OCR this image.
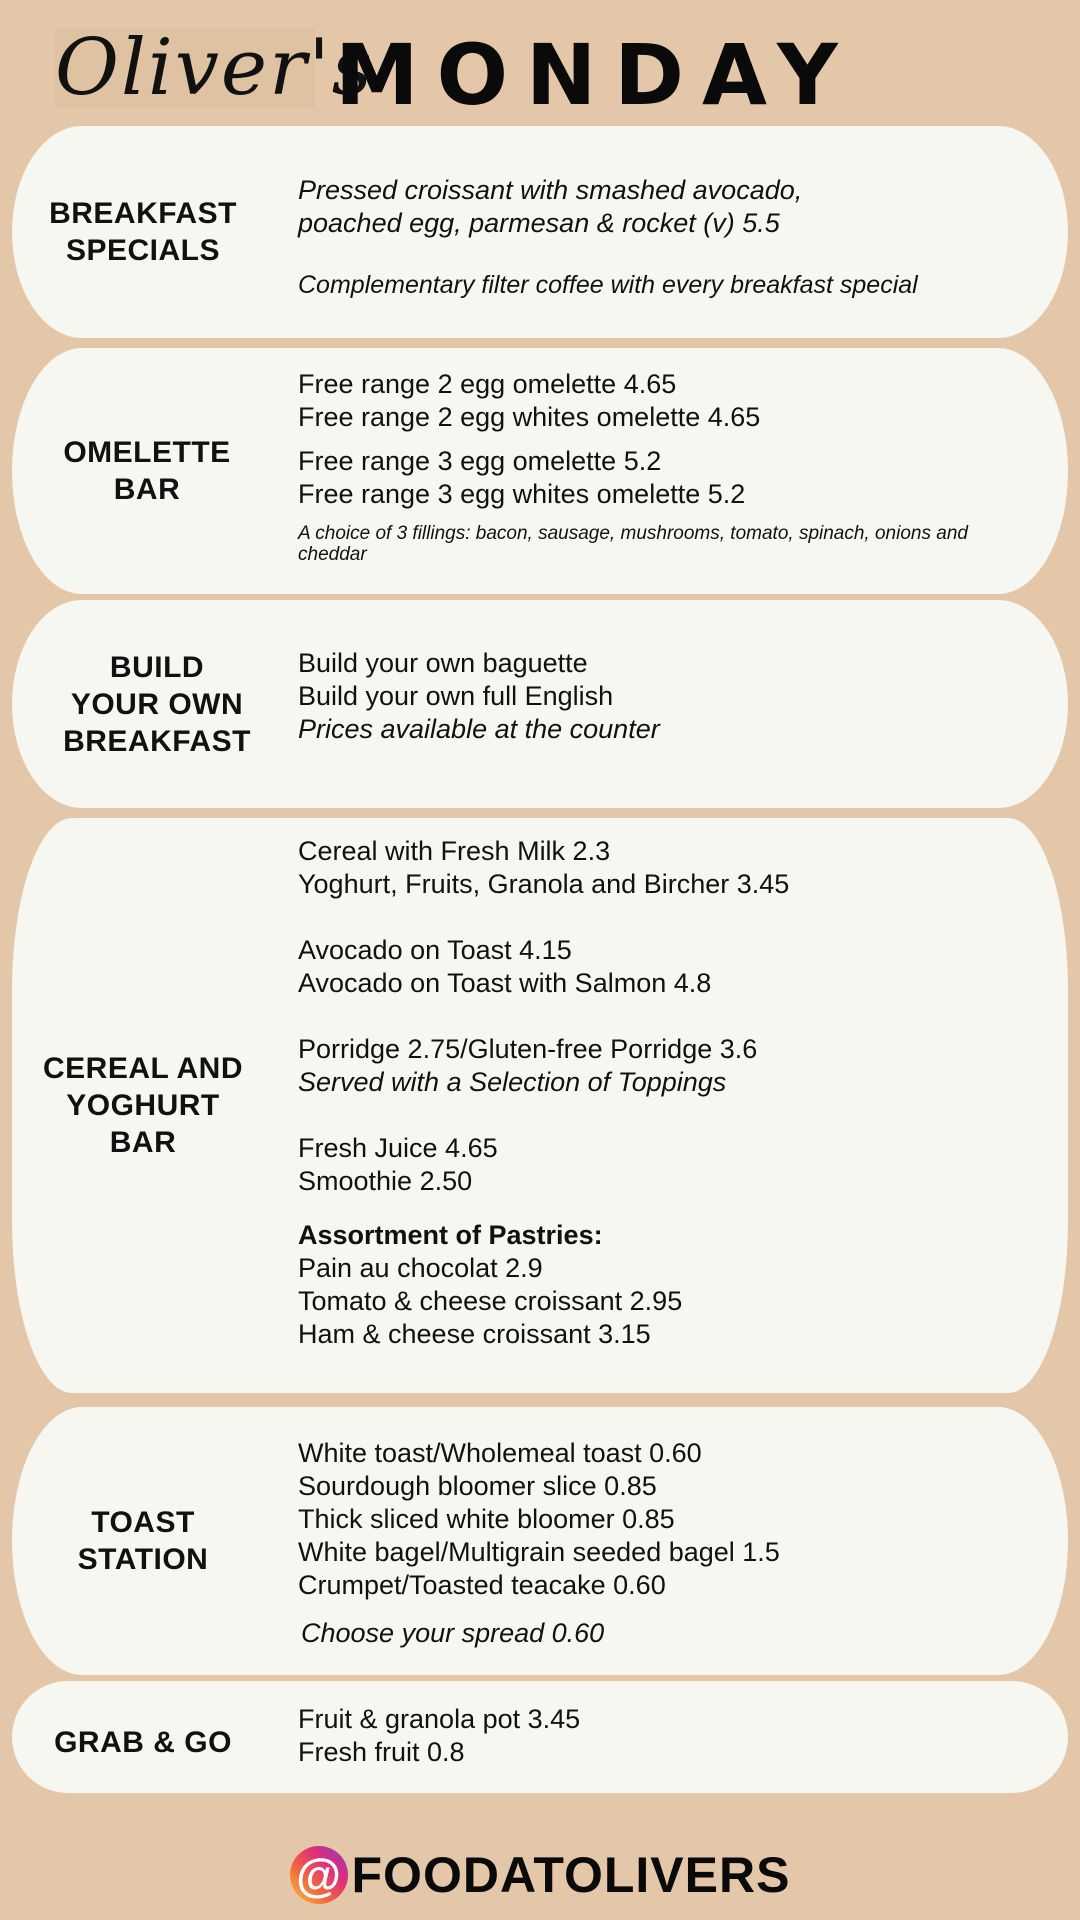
Oliver's
MONDAY
BREAKFAST SPECIALS
Pressed croissant with smashed avocado,
poached egg, parmesan & rocket (v) 5.5
Complementary filter coffee with every breakfast special
OMELETTE BAR
Free range 2 egg omelette 4.65
Free range 2 egg whites omelette 4.65
Free range 3 egg omelette 5.2
Free range 3 egg whites omelette 5.2
A choice of 3 fillings: bacon, sausage, mushrooms, tomato, spinach, onions and cheddar
BUILD YOUR OWN BREAKFAST
Build your own baguette
Build your own full English
Prices available at the counter
CEREAL AND YOGHURT BAR
Cereal with Fresh Milk 2.3
Yoghurt, Fruits, Granola and Bircher 3.45
Avocado on Toast 4.15
Avocado on Toast with Salmon 4.8
Porridge 2.75/Gluten-free Porridge 3.6
Served with a Selection of Toppings
Fresh Juice 4.65
Smoothie 2.50
Assortment of Pastries:
Pain au chocolat 2.9
Tomato & cheese croissant 2.95
Ham & cheese croissant 3.15
TOAST STATION
White toast/Wholemeal toast 0.60
Sourdough bloomer slice 0.85
Thick sliced white bloomer 0.85
White bagel/Multigrain seeded bagel 1.5
Crumpet/Toasted teacake 0.60
Choose your spread 0.60
GRAB & GO
Fruit & granola pot 3.45
Fresh fruit 0.8
@ FOODATOLIVERS
